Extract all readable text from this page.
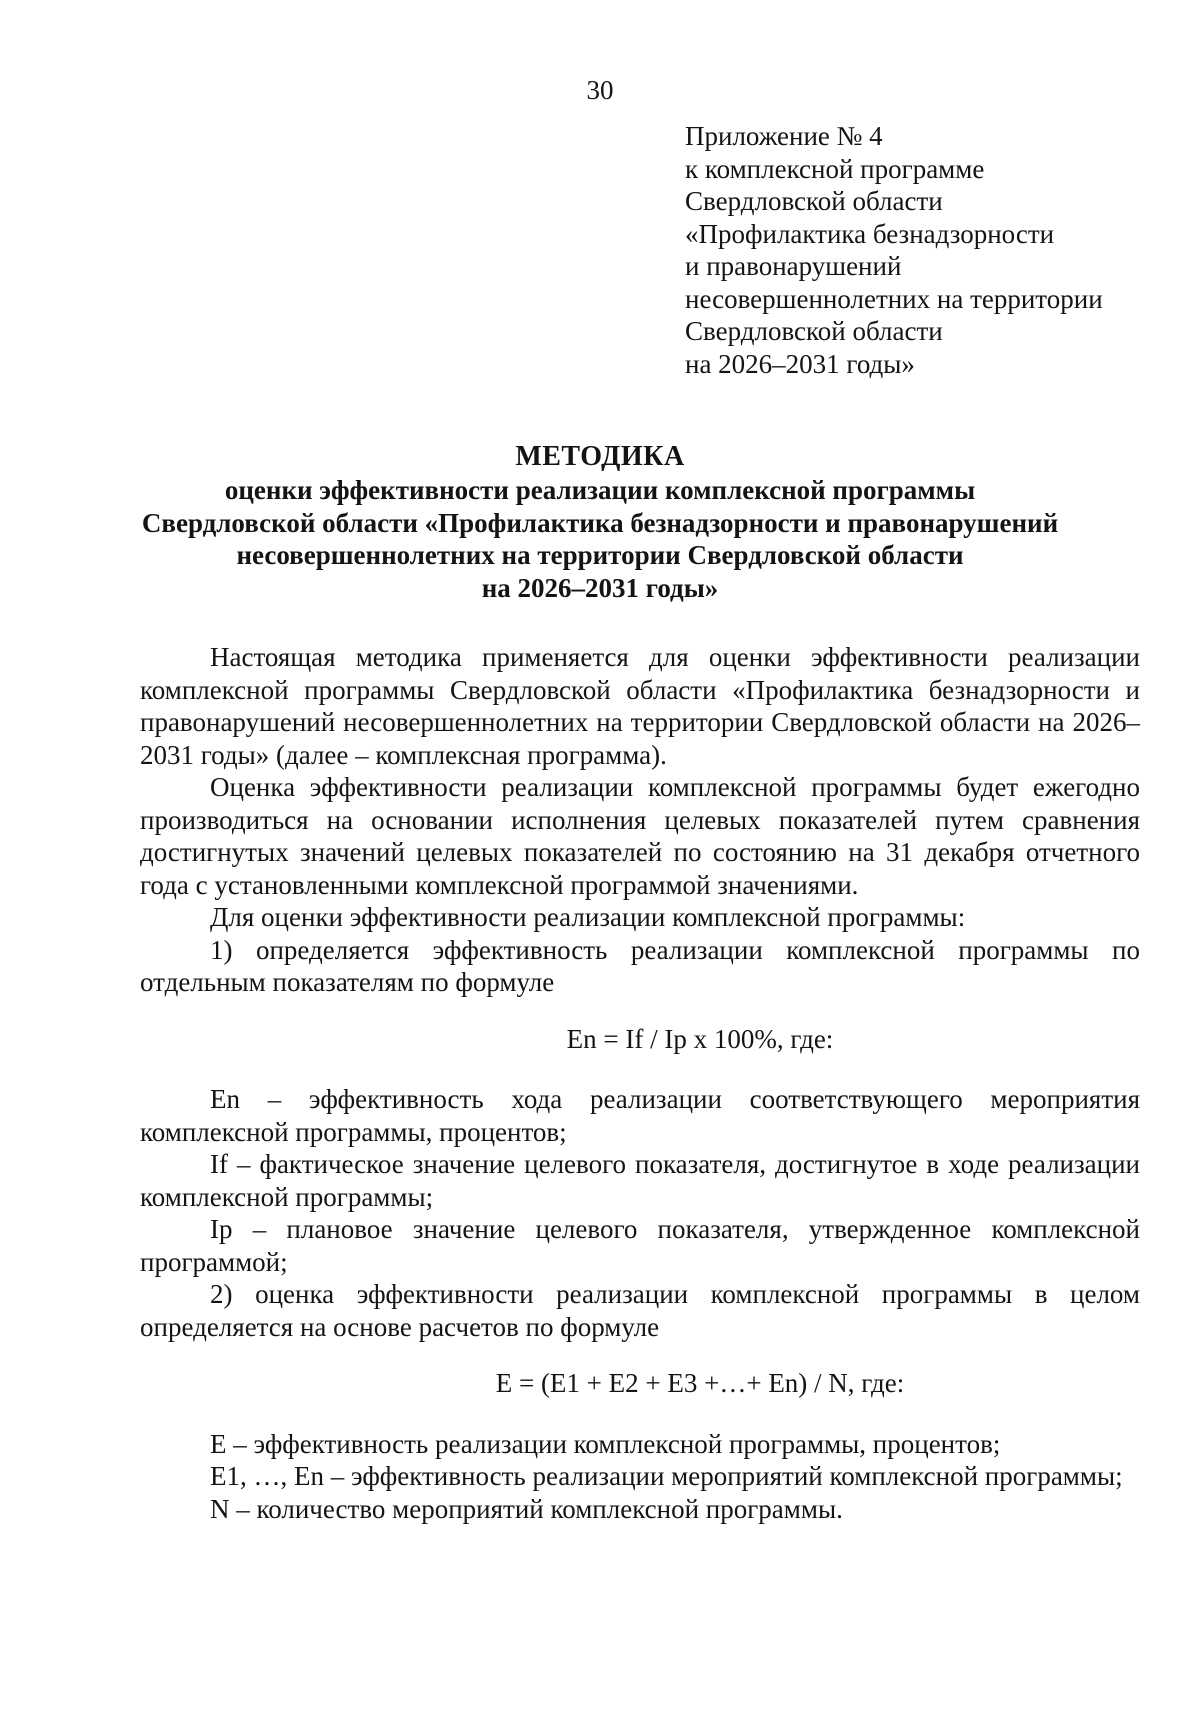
30
Приложение № 4
к комплексной программе
Свердловской области
«Профилактика безнадзорности
и правонарушений
несовершеннолетних на территории
Свердловской области
на 2026–2031 годы»
МЕТОДИКА
оценки эффективности реализации комплексной программы
Свердловской области «Профилактика безнадзорности и правонарушений
несовершеннолетних на территории Свердловской области
на 2026–2031 годы»

Настоящая методика применяется для оценки эффективности реализации комплексной программы Свердловской области «Профилактика безнадзорности и правонарушений несовершеннолетних на территории Свердловской области на 2026–2031 годы» (далее – комплексная программа).

Оценка эффективности реализации комплексной программы будет ежегодно производиться на основании исполнения целевых показателей путем сравнения достигнутых значений целевых показателей по состоянию на 31 декабря отчетного года с установленными комплексной программой значениями.

Для оценки эффективности реализации комплексной программы:

1) определяется эффективность реализации комплексной программы по отдельным показателям по формуле

En = If / Ip x 100%, где:

En – эффективность хода реализации соответствующего мероприятия комплексной программы, процентов;

If – фактическое значение целевого показателя, достигнутое в ходе реализации комплексной программы;

Ip – плановое значение целевого показателя, утвержденное комплексной программой;

2) оценка эффективности реализации комплексной программы в целом определяется на основе расчетов по формуле

E = (E1 + E2 + E3 +…+ En) / N, где:

E – эффективность реализации комплексной программы, процентов;

E1, …, En – эффективность реализации мероприятий комплексной программы;

N – количество мероприятий комплексной программы.
